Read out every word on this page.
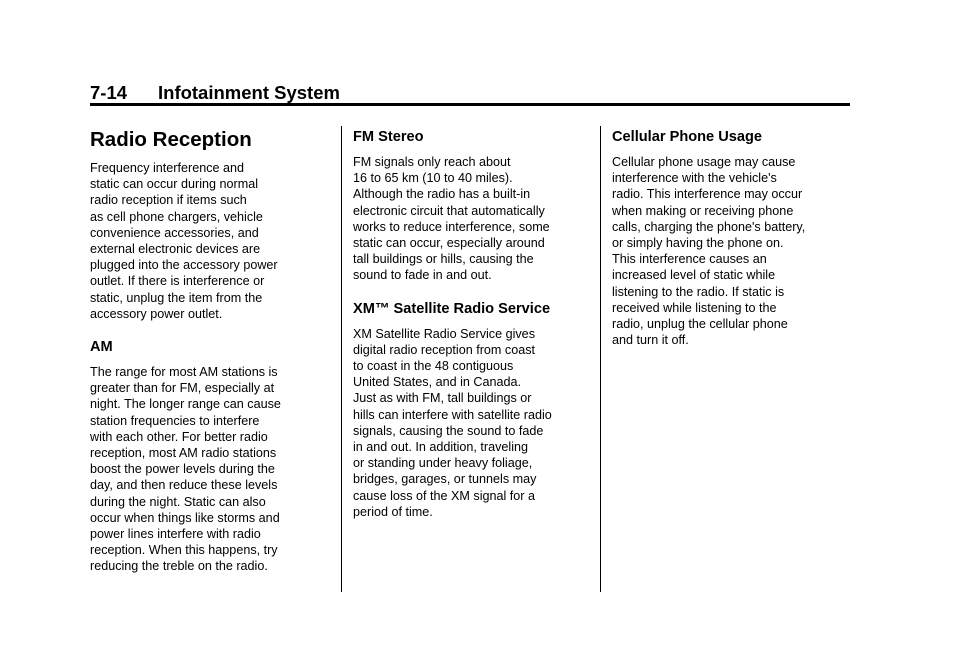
7-14 Infotainment System
Radio Reception

Frequency interference and
static can occur during normal
radio reception if items such
as cell phone chargers, vehicle
convenience accessories, and
external electronic devices are
plugged into the accessory power
outlet. If there is interference or
static, unplug the item from the
accessory power outlet.

AM

The range for most AM stations is
greater than for FM, especially at
night. The longer range can cause
station frequencies to interfere
with each other. For better radio
reception, most AM radio stations
boost the power levels during the
day, and then reduce these levels
during the night. Static can also
occur when things like storms and
power lines interfere with radio
reception. When this happens, try
reducing the treble on the radio.

FM Stereo

FM signals only reach about
16 to 65 km (10 to 40 miles).
Although the radio has a built-in
electronic circuit that automatically
works to reduce interference, some
static can occur, especially around
tall buildings or hills, causing the
sound to fade in and out.

XM™ Satellite Radio Service

XM Satellite Radio Service gives
digital radio reception from coast
to coast in the 48 contiguous
United States, and in Canada.
Just as with FM, tall buildings or
hills can interfere with satellite radio
signals, causing the sound to fade
in and out. In addition, traveling
or standing under heavy foliage,
bridges, garages, or tunnels may
cause loss of the XM signal for a
period of time.

Cellular Phone Usage

Cellular phone usage may cause
interference with the vehicle's
radio. This interference may occur
when making or receiving phone
calls, charging the phone's battery,
or simply having the phone on.
This interference causes an
increased level of static while
listening to the radio. If static is
received while listening to the
radio, unplug the cellular phone
and turn it off.
